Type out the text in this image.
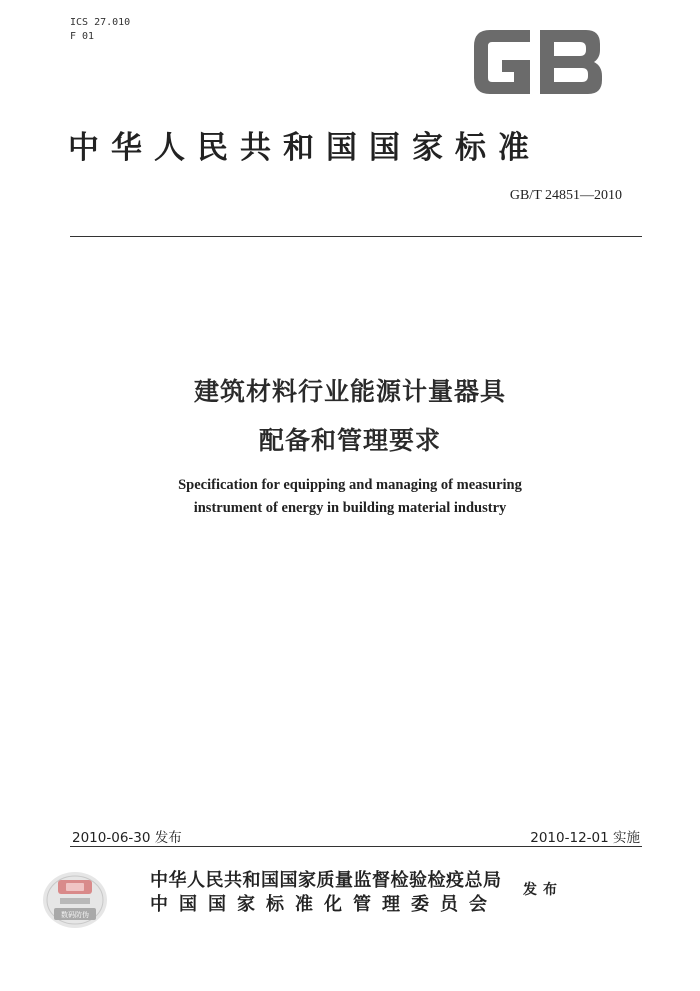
ICS 27.010
F 01
中华人民共和国国家标准
GB/T 24851—2010
建筑材料行业能源计量器具
配备和管理要求
Specification for equipping and managing of measuring
instrument of energy in building material industry
2010-06-30 发布	2010-12-01 实施
数码防伪
中华人民共和国国家质量监督检验检疫总局
中国国家标准化管理委员会
发布
